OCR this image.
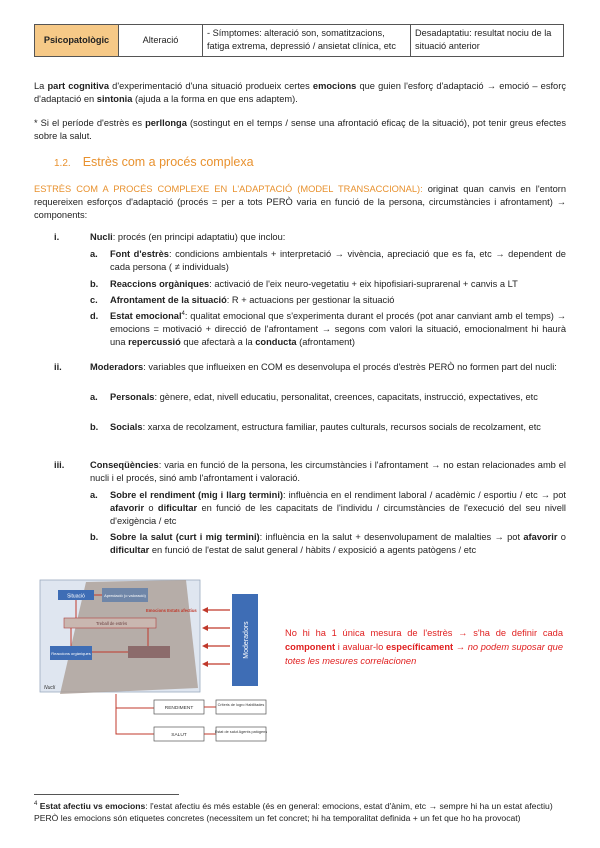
Psicopatològic	Alteració	- Símptomes: alteració son, somatitzacions, fatiga extrema, depressió / ansietat clínica, etc	Desadaptatiu: resultat nociu de la situació anterior
La part cognitiva d'experimentació d'una situació produeix certes emocions que guien l'esforç d'adaptació → emoció – esforç d'adaptació en sintonia (ajuda a la forma en que ens adaptem).
* Si el període d'estrès es perllonga (sostingut en el temps / sense una afrontació eficaç de la situació), pot tenir greus efectes sobre la salut.
1.2. Estrès com a procés complexa
ESTRÈS COM A PROCÉS COMPLEXE EN L'ADAPTACIÓ (MODEL TRANSACCIONAL): originat quan canvis en l'entorn requereixen esforços d'adaptació (procés = per a tots PERÒ varia en funció de la persona, circumstàncies i afrontament) → components:
i.	Nucli: procés (en principi adaptatiu) que inclou:
a. Font d'estrès: condicions ambientals + interpretació → vivència, apreciació que es fa, etc → dependent de cada persona ( ≠ individuals)
b. Reaccions orgàniques: activació de l'eix neuro-vegetatiu + eix hipofisiari-suprarenal + canvis a LT
c. Afrontament de la situació: R + actuacions per gestionar la situació
d. Estat emocional$^4$: qualitat emocional que s'experimenta durant el procés (pot anar canviant amb el temps) → emocions = motivació + direcció de l'afrontament → segons com valori la situació, emocionalment hi haurà una repercussió que afectarà a la conducta (afrontament)
ii.	Moderadors: variables que influeixen en COM es desenvolupa el procés d'estrès PERÒ no formen part del nucli:
a. Personals: gènere, edat, nivell educatiu, personalitat, creences, capacitats, instrucció, expectatives, etc
b. Socials: xarxa de recolzament, estructura familiar, pautes culturals, recursos socials de recolzament, etc
iii.	Conseqüències: varia en funció de la persona, les circumstàncies i l'afrontament → no estan relacionades amb el nucli i el procés, sinó amb l'afrontament i valoració.
a. Sobre el rendiment (mig i llarg termini): influència en el rendiment laboral / acadèmic / esportiu / etc → pot afavorir o dificultar en funció de les capacitats de l'individu / circumstàncies de l'execució del seu nivell d'exigència / etc
b. Sobre la salut (curt i mig termini): influència en la salut + desenvolupament de malalties → pot afavorir o dificultar en funció de l'estat de salut general / hàbits / exposició a agents patògens / etc
Situació	Apreciació (o valoració)
Emocions Estats afectius
Treball de estrès
Reaccions orgàniques
Nucli
Moderadors
RENDIMENT
Criteris de logro Habilitades
SALUT
Estat de salut Agents patògens
No hi ha 1 única mesura de l'estrès → s'ha de definir cada component i avaluar-lo específicament → no podem suposar que totes les mesures correlacionen
$^4$ Estat afectiu vs emocions: l'estat afectiu és més estable (és en general: emocions, estat d'ànim, etc → sempre hi ha un estat afectiu) PERÒ les emocions són etiquetes concretes (necessitem un fet concret; hi ha temporalitat definida + un fet que ho ha provocat)
